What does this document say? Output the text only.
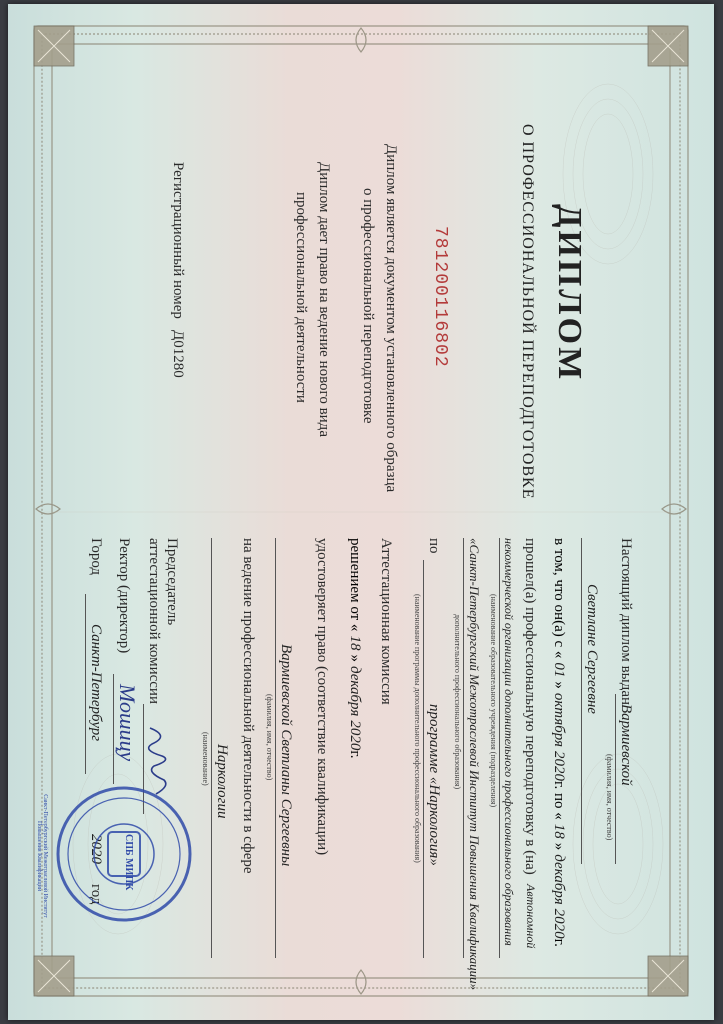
ДИПЛОМ
О ПРОФЕССИОНАЛЬНОЙ ПЕРЕПОДГОТОВКЕ
781200116802
Диплом является документом установленного образца
о профессиональной переподготовке
Диплом дает право на ведение нового вида
профессиональной деятельности
Регистрационный номер
Д01280
Настоящий диплом выдан
Вармиевской
(фамилия, имя, отчество)
Светлане Сергеевне
в том, что он(а) с « 01 » октября 2020г. по « 18 » декабря 2020г.
прошел(а) профессиональную переподготовку в (на)
Автономной
некоммерческой организации дополнительного профессионального образования
(наименование образовательного учреждения (подразделения)
«Санкт-Петербургский Межотраслевой Институт Повышения Квалификации»
дополнительного профессионального образования)
по
программе «Наркология»
(наименование программы дополнительного профессионального образования)
Аттестационная комиссия
решением от « 18 » декабря 2020г.
удостоверяет право (соответствие квалификации)
Вармиевской Светланы Сергеевны
(фамилия, имя, отчество)
на ведение профессиональной деятельности в сфере
Наркологии
(наименование)
Председатель
аттестационной комиссии
Ректор (директор)
Мошицу
Город
Санкт-Петербург
год
2020 СПБ МИПК
Санкт-Петербургский Межотраслевой Институт Повышения Квалификации
